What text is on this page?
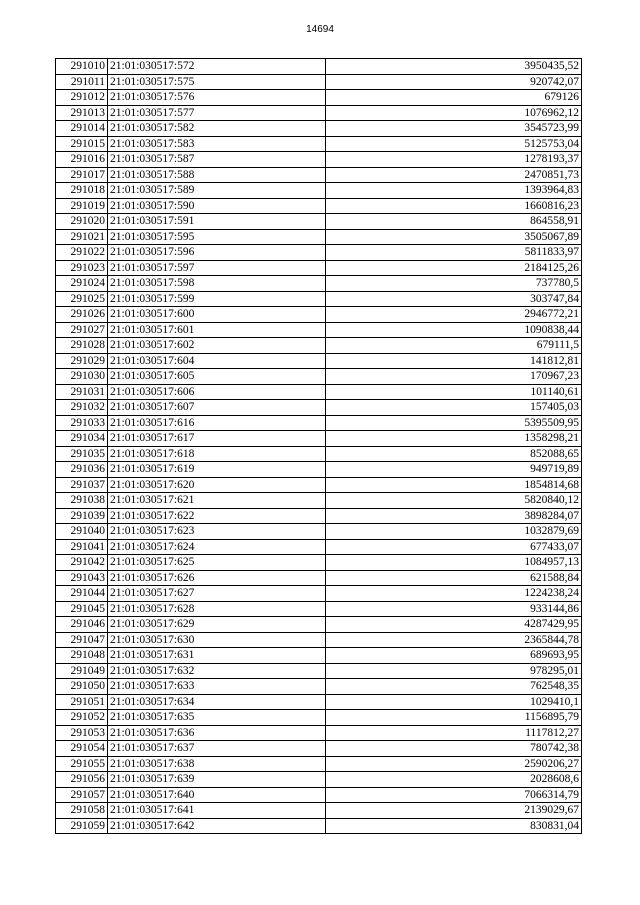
14694
291010	21:01:030517:572	3950435,52
291011	21:01:030517:575	920742,07
291012	21:01:030517:576	679126
291013	21:01:030517:577	1076962,12
291014	21:01:030517:582	3545723,99
291015	21:01:030517:583	5125753,04
291016	21:01:030517:587	1278193,37
291017	21:01:030517:588	2470851,73
291018	21:01:030517:589	1393964,83
291019	21:01:030517:590	1660816,23
291020	21:01:030517:591	864558,91
291021	21:01:030517:595	3505067,89
291022	21:01:030517:596	5811833,97
291023	21:01:030517:597	2184125,26
291024	21:01:030517:598	737780,5
291025	21:01:030517:599	303747,84
291026	21:01:030517:600	2946772,21
291027	21:01:030517:601	1090838,44
291028	21:01:030517:602	679111,5
291029	21:01:030517:604	141812,81
291030	21:01:030517:605	170967,23
291031	21:01:030517:606	101140,61
291032	21:01:030517:607	157405,03
291033	21:01:030517:616	5395509,95
291034	21:01:030517:617	1358298,21
291035	21:01:030517:618	852088,65
291036	21:01:030517:619	949719,89
291037	21:01:030517:620	1854814,68
291038	21:01:030517:621	5820840,12
291039	21:01:030517:622	3898284,07
291040	21:01:030517:623	1032879,69
291041	21:01:030517:624	677433,07
291042	21:01:030517:625	1084957,13
291043	21:01:030517:626	621588,84
291044	21:01:030517:627	1224238,24
291045	21:01:030517:628	933144,86
291046	21:01:030517:629	4287429,95
291047	21:01:030517:630	2365844,78
291048	21:01:030517:631	689693,95
291049	21:01:030517:632	978295,01
291050	21:01:030517:633	762548,35
291051	21:01:030517:634	1029410,1
291052	21:01:030517:635	1156895,79
291053	21:01:030517:636	1117812,27
291054	21:01:030517:637	780742,38
291055	21:01:030517:638	2590206,27
291056	21:01:030517:639	2028608,6
291057	21:01:030517:640	7066314,79
291058	21:01:030517:641	2139029,67
291059	21:01:030517:642	830831,04
